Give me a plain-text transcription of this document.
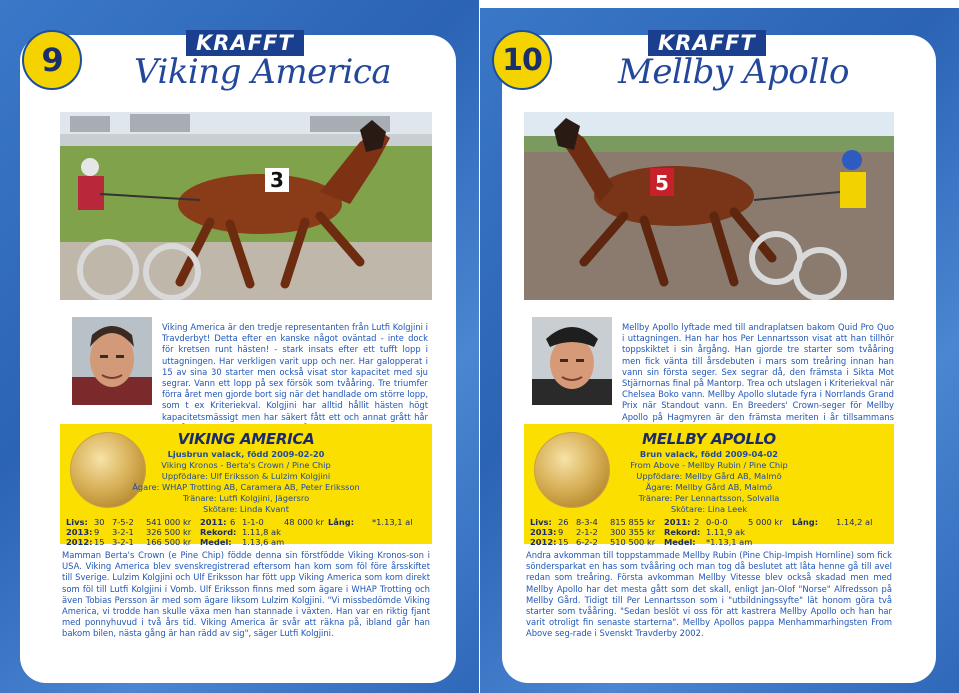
9	KRAFFT
Viking America
3
Viking America är den tredje representanten från Lutfi Kolgjini i Travderbyt! Detta efter en kanske något oväntad - inte dock för kretsen runt hästen! - stark insats efter ett tufft lopp i uttagningen. Har verkligen varit upp och ner. Har galopperat i 15 av sina 30 starter men också visat stor kapacitet med sju segrar. Vann ett lopp på sex försök som tvååring. Tre triumfer förra året men gjorde bort sig när det handlade om större lopp, som t ex Kriteriekval. Kolgjini har alltid hållit hästen högt kapacitetsmässigt men har säkert fått ett och annat grått hår
VIKING AMERICA
Ljusbrun valack, född 2009-02-20
Viking Kronos - Berta's Crown / Pine Chip
Uppfödare: Ulf Eriksson & Lulzim Kolgjini
Ägare: WHAP Trotting AB, Caramera AB, Peter Eriksson
Tränare: Lutfi Kolgjini, Jägersro
Skötare: Linda Kvant
Livs: 30 7-5-2 541 000 kr 2011: 6 1-1-0 48 000 kr Lång: *1.13,1 al
2013: 9 3-2-1 326 500 kr Rekord: 1.11,8 ak
2012: 15 3-2-1 166 500 kr Medel: 1.13,6 am
Mamman Berta's Crown (e Pine Chip) födde denna sin förstfödde Viking Kronos-son i USA. Viking America blev svenskregistrerad eftersom han kom som föl före årsskiftet till Sverige. Lulzim Kolgjini och Ulf Eriksson har fött upp Viking America som kom direkt som föl till Lutfi Kolgjini i Vomb. Ulf Eriksson finns med som ägare i WHAP Trotting och även Tobias Persson är med som ägare liksom Lulzim Kolgjini. "Vi missbedömde Viking America, vi trodde han skulle växa men han stannade i växten. Han var en riktig fjant med ponnyhuvud i två års tid. Viking America är svår att räkna på, ibland går han bakom bilen, nästa gång är han rädd av sig", säger Lutfi Kolgjini.
10	KRAFFT
Mellby Apollo
5
Mellby Apollo lyftade med till andraplatsen bakom Quid Pro Quo i uttagningen. Han har hos Per Lennartsson visat att han tillhör toppskiktet i sin årgång. Han gjorde tre starter som tvååring men fick vänta till årsdebuten i mars som treåring innan han vann sin första seger. Sex segrar då, den främsta i Sikta Mot Stjärnornas final på Mantorp. Trea och utslagen i Kriteriekval när Chelsea Boko vann. Mellby Apollo slutade fyra i Norrlands Grand Prix när Standout vann. En Breeders' Crown-seger för Mellby Apollo på Hagmyren är den främsta meriten i år tillsammans
MELLBY APOLLO
Brun valack, född 2009-04-02
From Above - Mellby Rubin / Pine Chip
Uppfödare: Mellby Gård AB, Malmö
Ägare: Mellby Gård AB, Malmö
Tränare: Per Lennartsson, Solvalla
Skötare: Lina Leek
Livs: 26 8-3-4 815 855 kr 2011: 2 0-0-0 5 000 kr Lång: 1.14,2 al
2013: 9 2-1-2 300 355 kr Rekord: 1.11,9 ak
2012: 15 6-2-2 510 500 kr Medel: *1.13,1 am
Andra avkomman till toppstammade Mellby Rubin (Pine Chip-Impish Hornline) som fick söndersparkat en has som tvååring och man tog då beslutet att låta henne gå till avel redan som treåring. Första avkomman Mellby Vitesse blev också skadad men med Mellby Apollo har det mesta gått som det skall, enligt Jan-Olof "Norse" Alfredsson på Mellby Gård. Tidigt till Per Lennartsson som i "utbildningssyfte" lät honom göra två starter som tvååring. "Sedan beslöt vi oss för att kastrera Mellby Apollo och han har varit otroligt fin senaste starterna". Mellby Apollos pappa Menhammarhingsten From Above seg-rade i Svenskt Travderby 2002.
